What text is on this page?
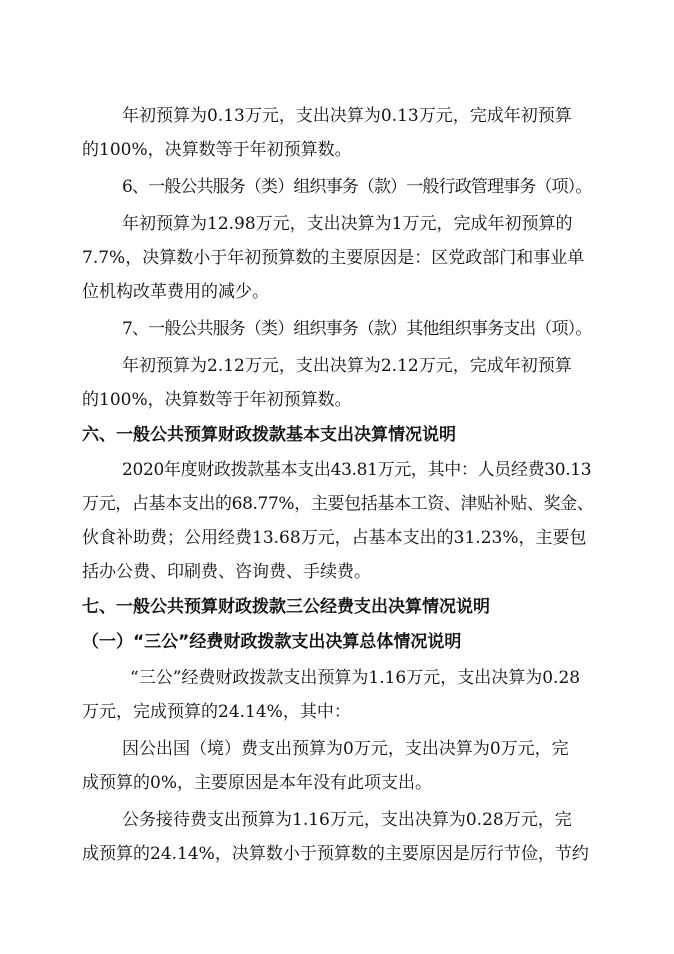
年初预算为0.13万元，支出决算为0.13万元，完成年初预算
的100%，决算数等于年初预算数。
6、一般公共服务（类）组织事务（款）一般行政管理事务（项）。
年初预算为12.98万元，支出决算为1万元，完成年初预算的
7.7%，决算数小于年初预算数的主要原因是：区党政部门和事业单
位机构改革费用的减少。
7、一般公共服务（类）组织事务（款）其他组织事务支出（项）。
年初预算为2.12万元，支出决算为2.12万元，完成年初预算
的100%，决算数等于年初预算数。
六、一般公共预算财政拨款基本支出决算情况说明
2020年度财政拨款基本支出43.81万元，其中：人员经费30.13
万元，占基本支出的68.77%，主要包括基本工资、津贴补贴、奖金、
伙食补助费；公用经费13.68万元，占基本支出的31.23%，主要包
括办公费、印刷费、咨询费、手续费。
七、一般公共预算财政拨款三公经费支出决算情况说明
（一）“三公”经费财政拨款支出决算总体情况说明
“三公”经费财政拨款支出预算为1.16万元，支出决算为0.28
万元，完成预算的24.14%，其中：
因公出国（境）费支出预算为0万元，支出决算为0万元，完
成预算的0%，主要原因是本年没有此项支出。
公务接待费支出预算为1.16万元，支出决算为0.28万元，完
成预算的24.14%，决算数小于预算数的主要原因是厉行节俭，节约
